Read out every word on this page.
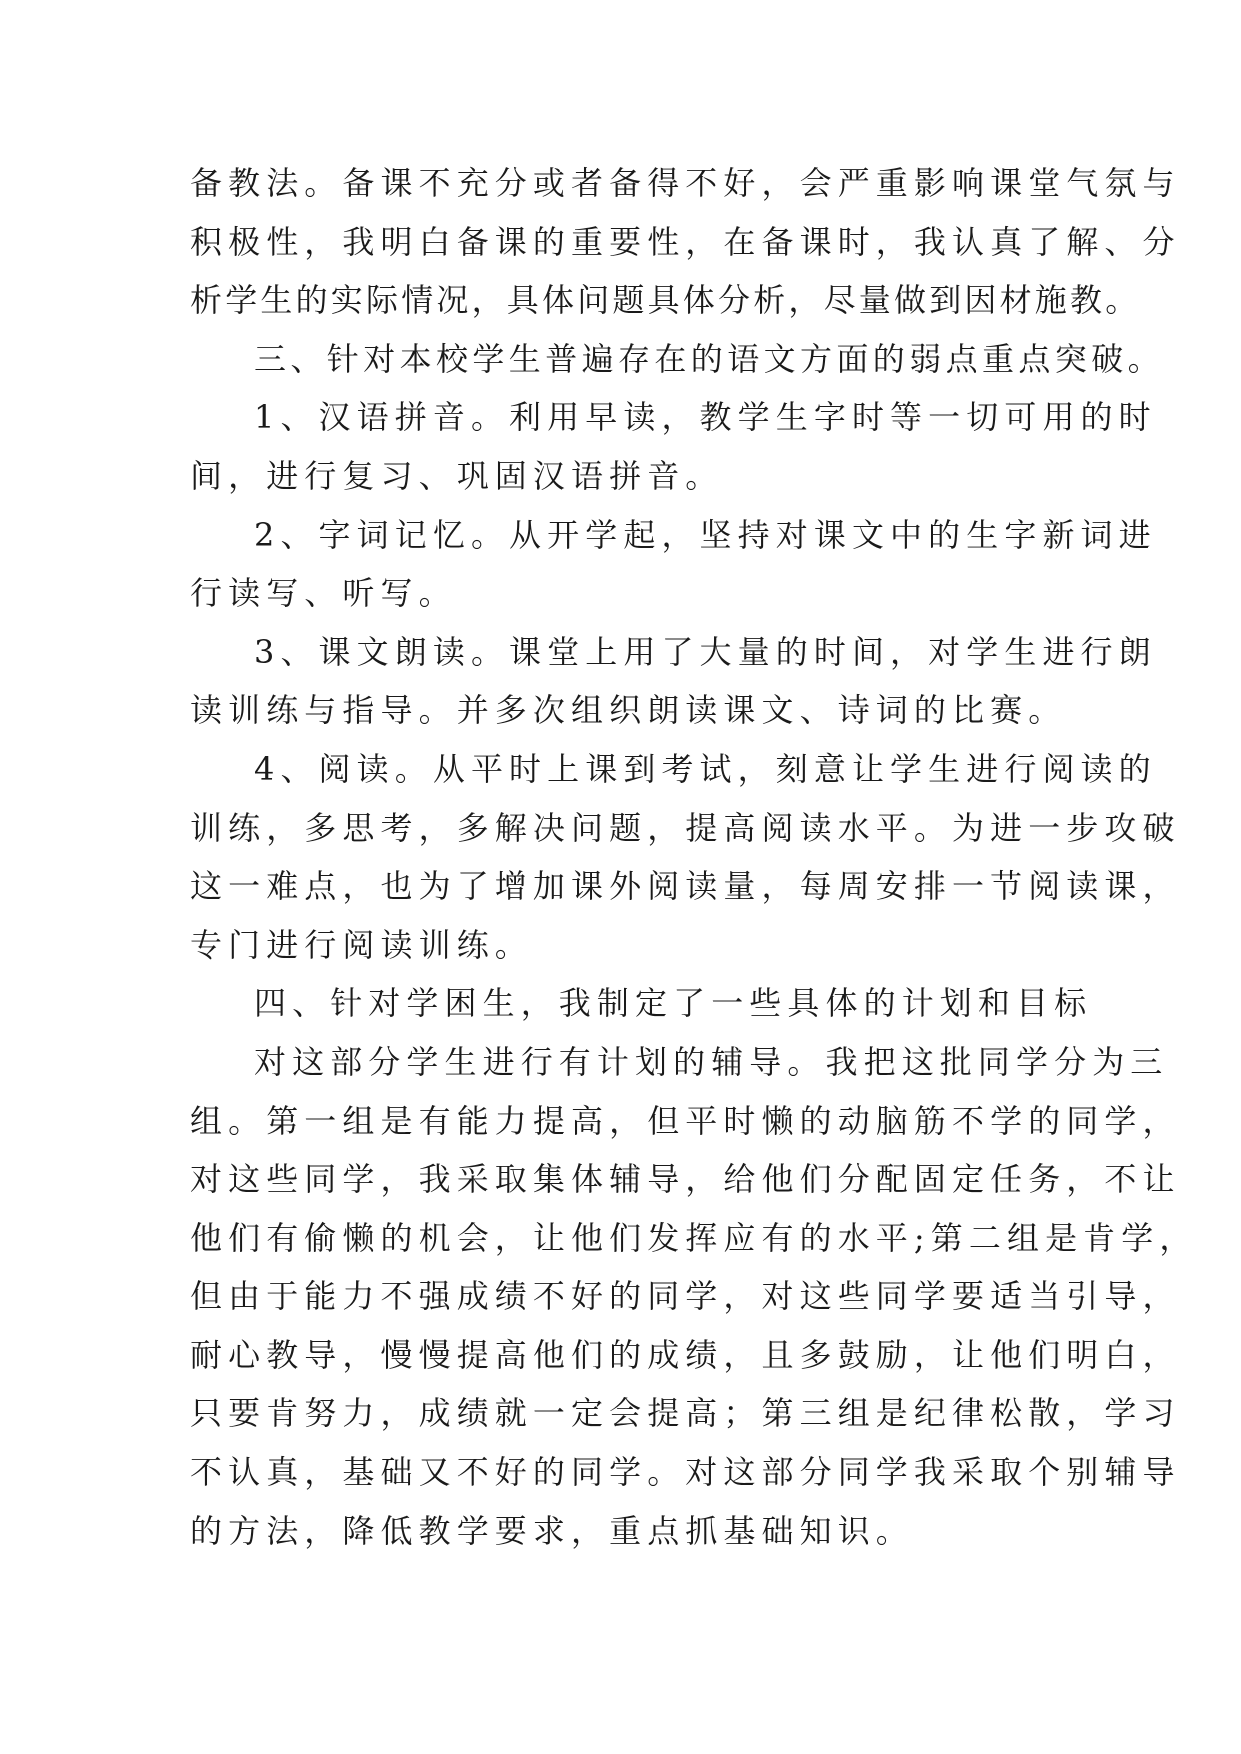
备教法。备课不充分或者备得不好，会严重影响课堂气氛与
积极性，我明白备课的重要性，在备课时，我认真了解、分
析学生的实际情况，具体问题具体分析，尽量做到因材施教。
三、针对本校学生普遍存在的语文方面的弱点重点突破。
1、汉语拼音。利用早读，教学生字时等一切可用的时
间，进行复习、巩固汉语拼音。
2、字词记忆。从开学起，坚持对课文中的生字新词进
行读写、听写。
3、课文朗读。课堂上用了大量的时间，对学生进行朗
读训练与指导。并多次组织朗读课文、诗词的比赛。
4、阅读。从平时上课到考试，刻意让学生进行阅读的
训练，多思考，多解决问题，提高阅读水平。为进一步攻破
这一难点，也为了增加课外阅读量，每周安排一节阅读课，
专门进行阅读训练。
四、针对学困生，我制定了一些具体的计划和目标
对这部分学生进行有计划的辅导。我把这批同学分为三
组。第一组是有能力提高，但平时懒的动脑筋不学的同学，
对这些同学，我采取集体辅导，给他们分配固定任务，不让
他们有偷懒的机会，让他们发挥应有的水平;第二组是肯学，
但由于能力不强成绩不好的同学，对这些同学要适当引导，
耐心教导，慢慢提高他们的成绩，且多鼓励，让他们明白，
只要肯努力，成绩就一定会提高；第三组是纪律松散，学习
不认真，基础又不好的同学。对这部分同学我采取个别辅导
的方法，降低教学要求，重点抓基础知识。
